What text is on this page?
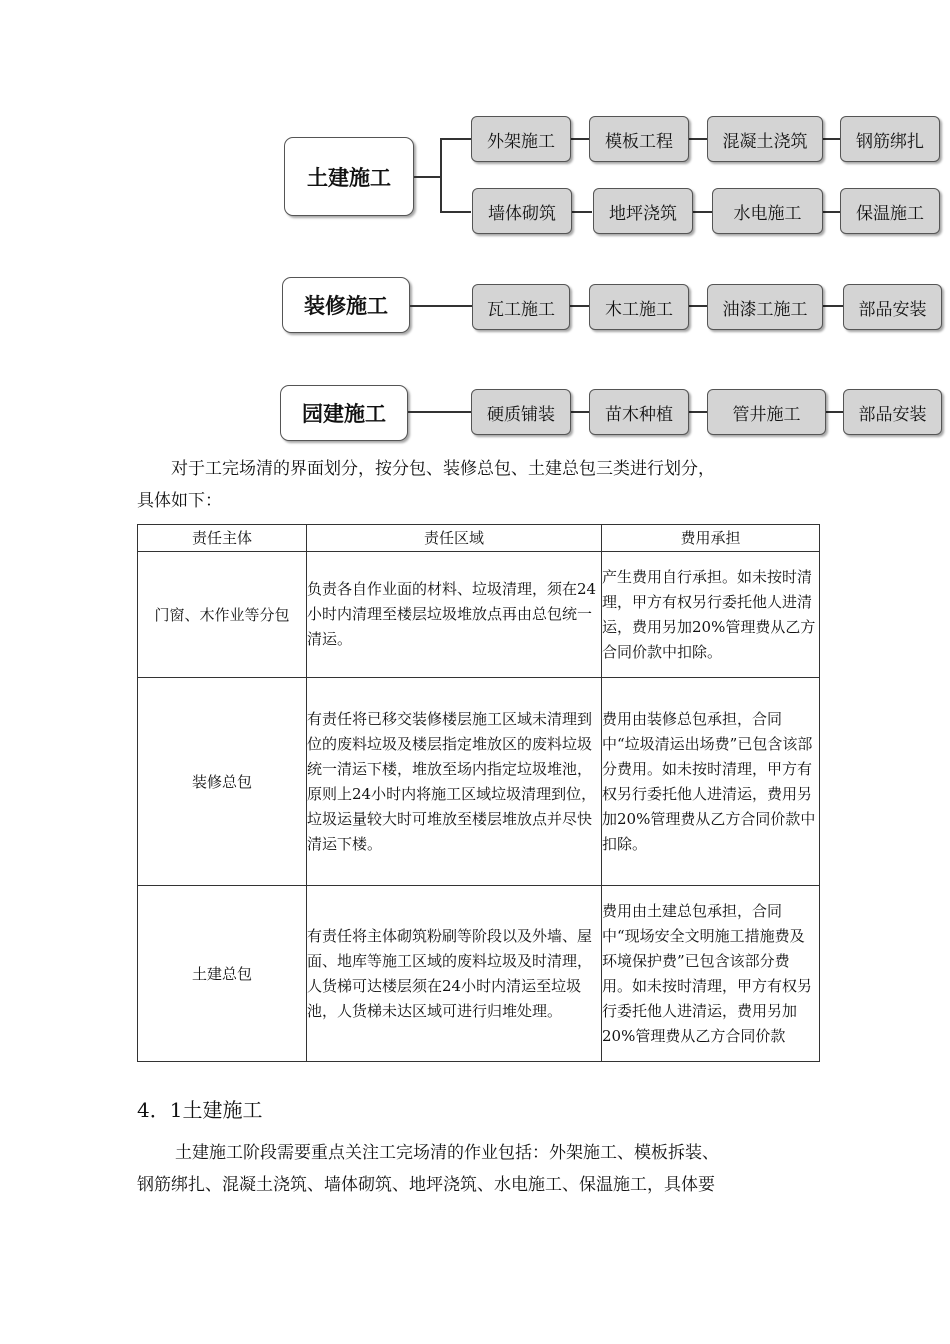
土建施工
外架施工	模板工程	混凝土浇筑	钢筋绑扎
墙体砌筑	地坪浇筑	水电施工	保温施工
装修施工	瓦工施工	木工施工	油漆工施工	部品安装
园建施工	硬质铺装	苗木种植	管井施工	部品安装

对于工完场清的界面划分，按分包、装修总包、土建总包三类进行划分，
具体如下：

责任主体	责任区域	费用承担
门窗、木作业等分包	负责各自作业面的材料、垃圾清理，须在24小时内清理至楼层垃圾堆放点再由总包统一清运。	产生费用自行承担。如未按时清理，甲方有权另行委托他人进清运，费用另加20%管理费从乙方合同价款中扣除。
装修总包	有责任将已移交装修楼层施工区域未清理到位的废料垃圾及楼层指定堆放区的废料垃圾统一清运下楼，堆放至场内指定垃圾堆池，原则上24小时内将施工区域垃圾清理到位，垃圾运量较大时可堆放至楼层堆放点并尽快清运下楼。	费用由装修总包承担，合同中“垃圾清运出场费”已包含该部分费用。如未按时清理，甲方有权另行委托他人进清运，费用另加20%管理费从乙方合同价款中扣除。
土建总包	有责任将主体砌筑粉刷等阶段以及外墙、屋面、地库等施工区域的废料垃圾及时清理，人货梯可达楼层须在24小时内清运至垃圾池，人货梯未达区域可进行归堆处理。	费用由土建总包承担，合同中“现场安全文明施工措施费及环境保护费”已包含该部分费用。如未按时清理，甲方有权另行委托他人进清运，费用另加20%管理费从乙方合同价款
4．1土建施工

土建施工阶段需要重点关注工完场清的作业包括：外架施工、模板拆装、
钢筋绑扎、混凝土浇筑、墙体砌筑、地坪浇筑、水电施工、保温施工，具体要
